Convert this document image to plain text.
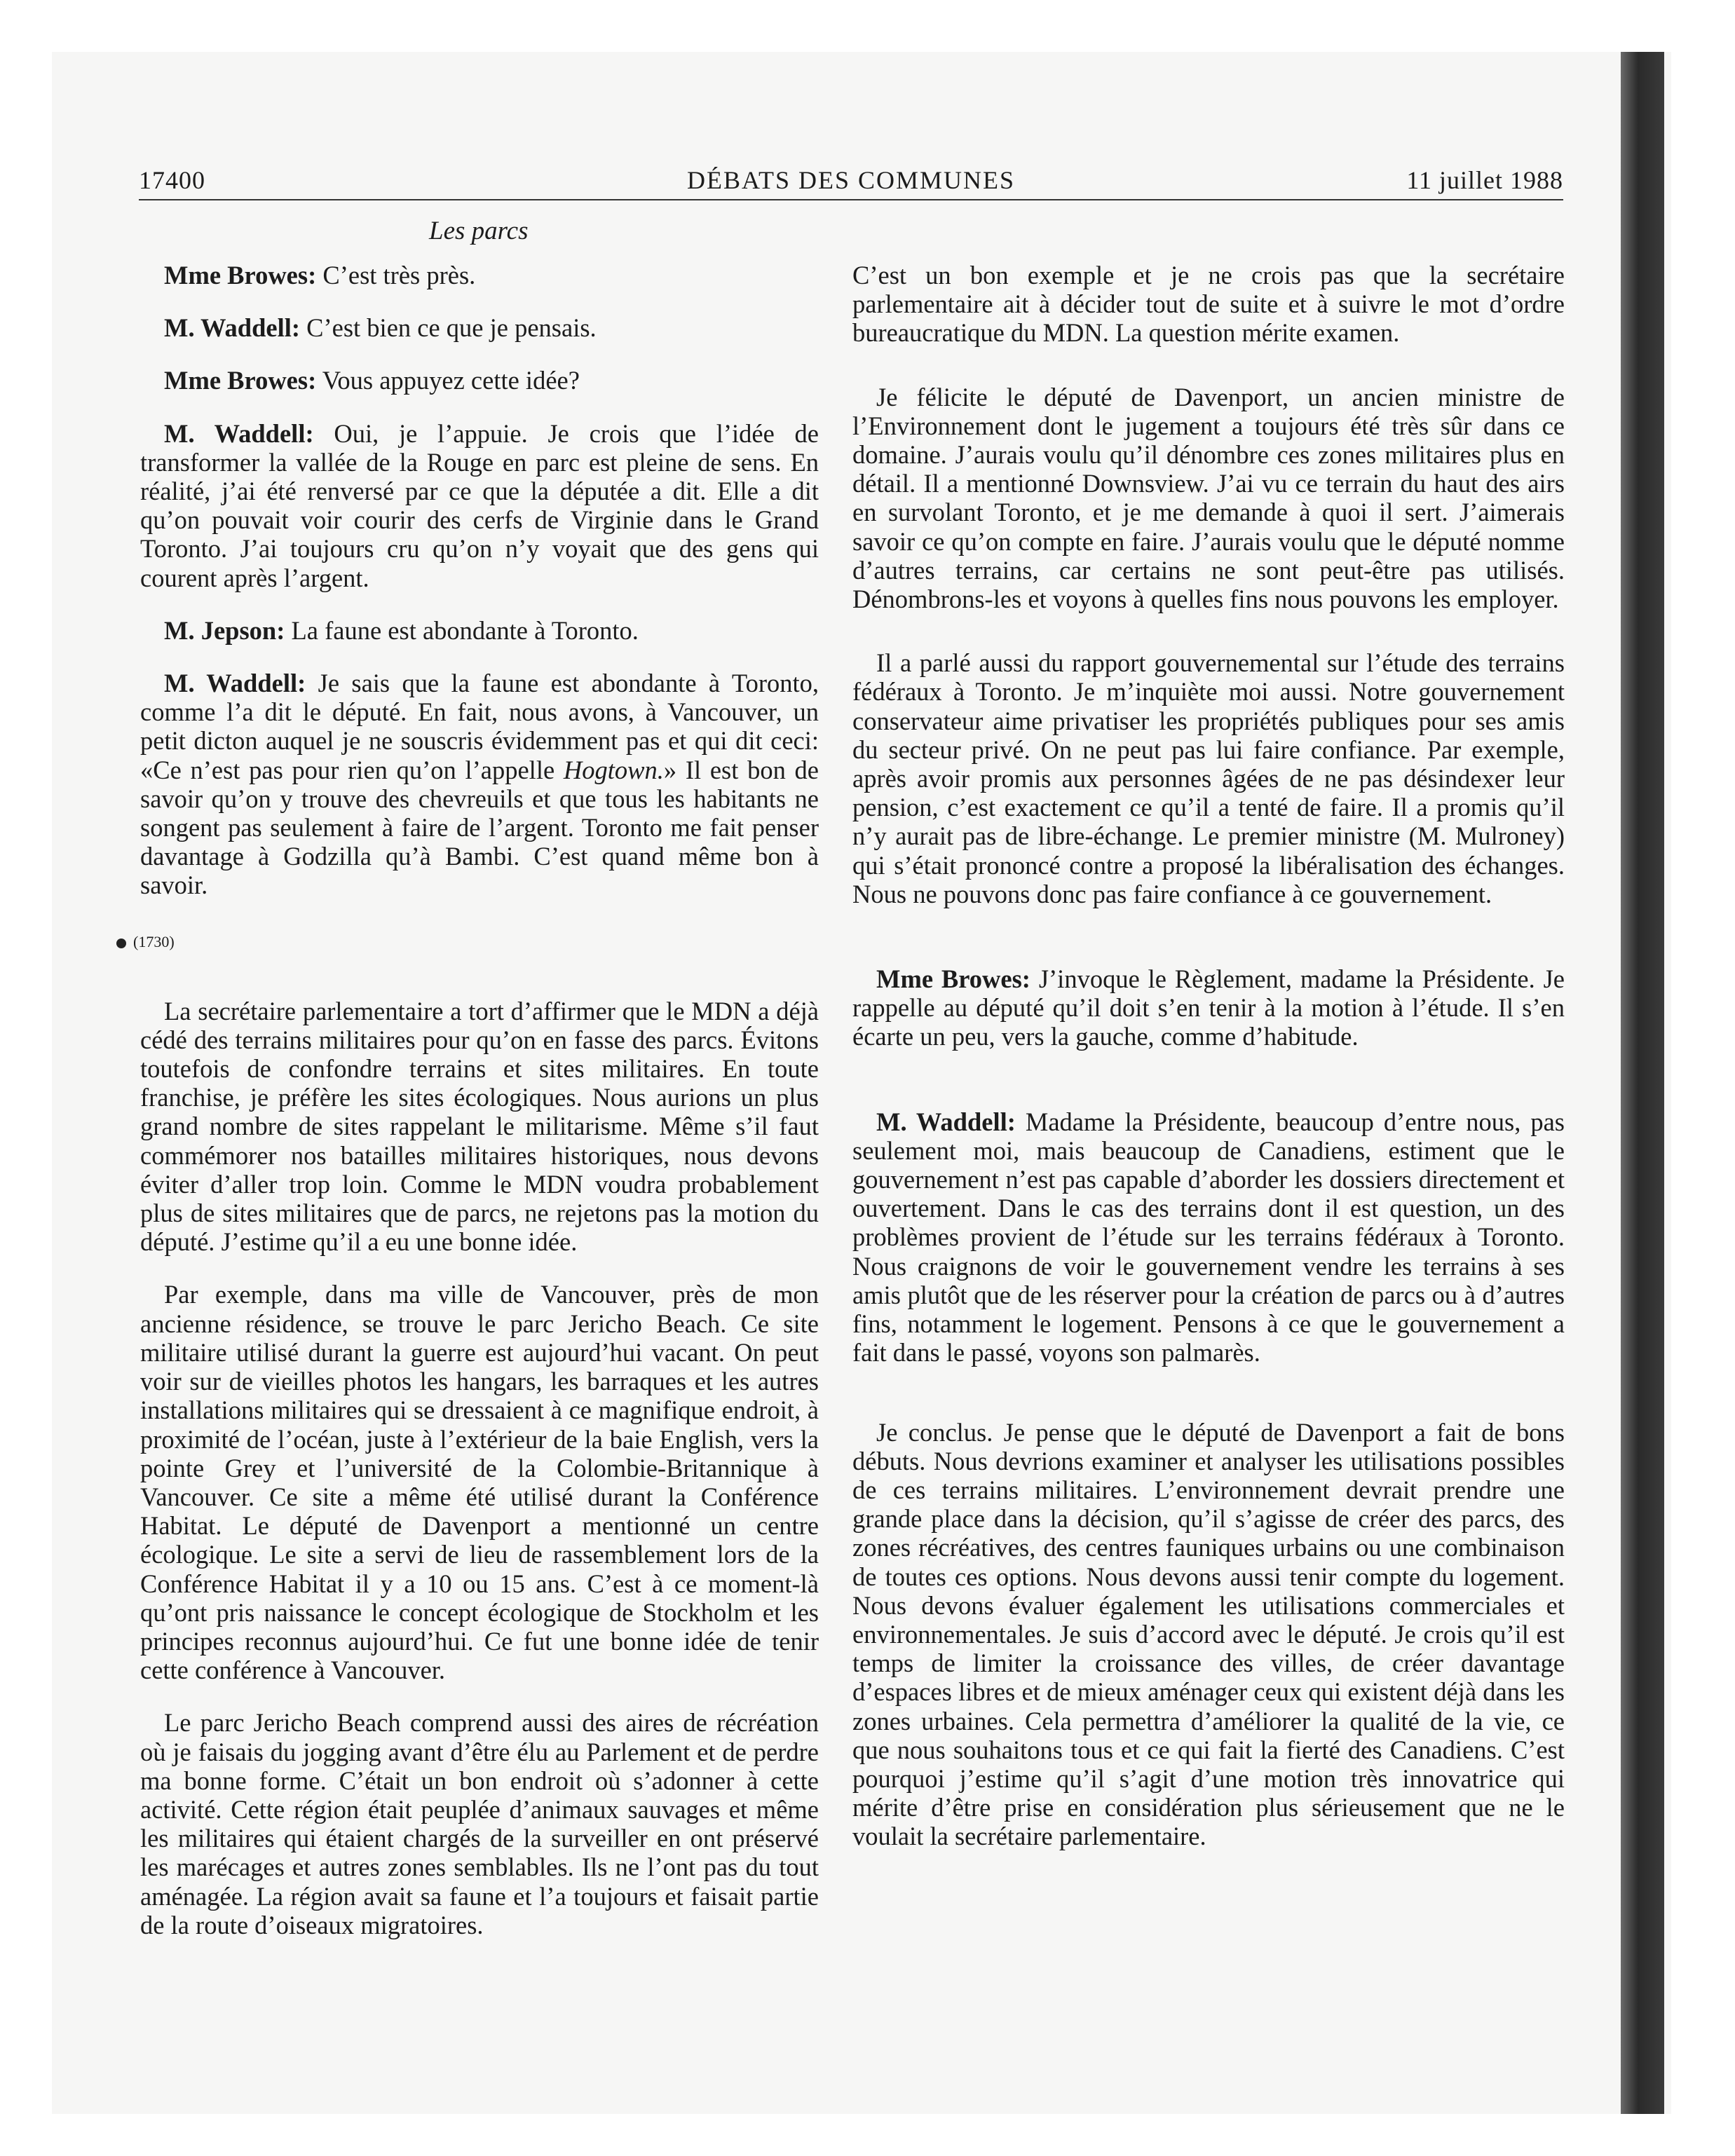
17400	DÉBATS DES COMMUNES	11 juillet 1988
Les parcs

Mme Browes: C’est très près.

M. Waddell: C’est bien ce que je pensais.

Mme Browes: Vous appuyez cette idée?

M. Waddell: Oui, je l’appuie. Je crois que l’idée de transformer la vallée de la Rouge en parc est pleine de sens. En réalité, j’ai été renversé par ce que la députée a dit. Elle a dit qu’on pouvait voir courir des cerfs de Virginie dans le Grand Toronto. J’ai toujours cru qu’on n’y voyait que des gens qui courent après l’argent.

M. Jepson: La faune est abondante à Toronto.

M. Waddell: Je sais que la faune est abondante à Toronto, comme l’a dit le député. En fait, nous avons, à Vancouver, un petit dicton auquel je ne souscris évidemment pas et qui dit ceci: «Ce n’est pas pour rien qu’on l’appelle Hogtown.» Il est bon de savoir qu’on y trouve des chevreuils et que tous les habitants ne songent pas seulement à faire de l’argent. Toronto me fait penser davantage à Godzilla qu’à Bambi. C’est quand même bon à savoir.

(1730)

La secrétaire parlementaire a tort d’affirmer que le MDN a déjà cédé des terrains militaires pour qu’on en fasse des parcs. Évitons toutefois de confondre terrains et sites militaires. En toute franchise, je préfère les sites écologiques. Nous aurions un plus grand nombre de sites rappelant le militarisme. Même s’il faut commémorer nos batailles militaires historiques, nous devons éviter d’aller trop loin. Comme le MDN voudra probablement plus de sites militaires que de parcs, ne rejetons pas la motion du député. J’estime qu’il a eu une bonne idée.

Par exemple, dans ma ville de Vancouver, près de mon ancienne résidence, se trouve le parc Jericho Beach. Ce site militaire utilisé durant la guerre est aujourd’hui vacant. On peut voir sur de vieilles photos les hangars, les barraques et les autres installations militaires qui se dressaient à ce magnifique endroit, à proximité de l’océan, juste à l’extérieur de la baie English, vers la pointe Grey et l’université de la Colombie-Britannique à Vancouver. Ce site a même été utilisé durant la Conférence Habitat. Le député de Davenport a mentionné un centre écologique. Le site a servi de lieu de rassemblement lors de la Conférence Habitat il y a 10 ou 15 ans. C’est à ce moment-là qu’ont pris naissance le concept écologique de Stockholm et les principes reconnus aujourd’hui. Ce fut une bonne idée de tenir cette conférence à Vancouver.

Le parc Jericho Beach comprend aussi des aires de récréation où je faisais du jogging avant d’être élu au Parlement et de perdre ma bonne forme. C’était un bon endroit où s’adonner à cette activité. Cette région était peuplée d’animaux sauvages et même les militaires qui étaient chargés de la surveiller en ont préservé les marécages et autres zones semblables. Ils ne l’ont pas du tout aménagée. La région avait sa faune et l’a toujours et faisait partie de la route d’oiseaux migratoires.

C’est un bon exemple et je ne crois pas que la secrétaire parlementaire ait à décider tout de suite et à suivre le mot d’ordre bureaucratique du MDN. La question mérite examen.

Je félicite le député de Davenport, un ancien ministre de l’Environnement dont le jugement a toujours été très sûr dans ce domaine. J’aurais voulu qu’il dénombre ces zones militaires plus en détail. Il a mentionné Downsview. J’ai vu ce terrain du haut des airs en survolant Toronto, et je me demande à quoi il sert. J’aimerais savoir ce qu’on compte en faire. J’aurais voulu que le député nomme d’autres terrains, car certains ne sont peut-être pas utilisés. Dénombrons-les et voyons à quelles fins nous pouvons les employer.

Il a parlé aussi du rapport gouvernemental sur l’étude des terrains fédéraux à Toronto. Je m’inquiète moi aussi. Notre gouvernement conservateur aime privatiser les propriétés publiques pour ses amis du secteur privé. On ne peut pas lui faire confiance. Par exemple, après avoir promis aux personnes âgées de ne pas désindexer leur pension, c’est exactement ce qu’il a tenté de faire. Il a promis qu’il n’y aurait pas de libre-échange. Le premier ministre (M. Mulroney) qui s’était prononcé contre a proposé la libéralisation des échanges. Nous ne pouvons donc pas faire confiance à ce gouvernement.

Mme Browes: J’invoque le Règlement, madame la Présidente. Je rappelle au député qu’il doit s’en tenir à la motion à l’étude. Il s’en écarte un peu, vers la gauche, comme d’habitude.

M. Waddell: Madame la Présidente, beaucoup d’entre nous, pas seulement moi, mais beaucoup de Canadiens, estiment que le gouvernement n’est pas capable d’aborder les dossiers directement et ouvertement. Dans le cas des terrains dont il est question, un des problèmes provient de l’étude sur les terrains fédéraux à Toronto. Nous craignons de voir le gouvernement vendre les terrains à ses amis plutôt que de les réserver pour la création de parcs ou à d’autres fins, notamment le logement. Pensons à ce que le gouvernement a fait dans le passé, voyons son palmarès.

Je conclus. Je pense que le député de Davenport a fait de bons débuts. Nous devrions examiner et analyser les utilisations possibles de ces terrains militaires. L’environnement devrait prendre une grande place dans la décision, qu’il s’agisse de créer des parcs, des zones récréatives, des centres fauniques urbains ou une combinaison de toutes ces options. Nous devons aussi tenir compte du logement. Nous devons évaluer également les utilisations commerciales et environnementales. Je suis d’accord avec le député. Je crois qu’il est temps de limiter la croissance des villes, de créer davantage d’espaces libres et de mieux aménager ceux qui existent déjà dans les zones urbaines. Cela permettra d’améliorer la qualité de la vie, ce que nous souhaitons tous et ce qui fait la fierté des Canadiens. C’est pourquoi j’estime qu’il s’agit d’une motion très innovatrice qui mérite d’être prise en considération plus sérieusement que ne le voulait la secrétaire parlementaire.
